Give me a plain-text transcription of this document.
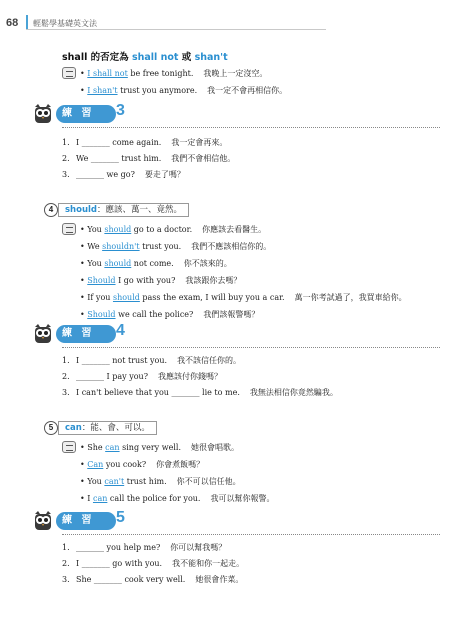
68 輕鬆學基礎英文法
shall 的否定為 shall not 或 shan't
• I shall not be free tonight. 我晚上一定沒空。
• I shan't trust you anymore. 我一定不會再相信你。
練 習	3
1. I _______ come again. 我一定會再來。
2. We _______ trust him. 我們不會相信他。
3. _______ we go? 要走了嗎？
4	should：應該、萬一、竟然。
• You should go to a doctor. 你應該去看醫生。
• We shouldn't trust you. 我們不應該相信你的。
• You should not come. 你不該來的。
• Should I go with you? 我該跟你去嗎？
• If you should pass the exam, I will buy you a car. 萬一你考試過了，我買車給你。
• Should we call the police? 我們該報警嗎？
練 習	4
1. I _______ not trust you. 我不該信任你的。
2. _______ I pay you? 我應該付你錢嗎？
3. I can't believe that you _______ lie to me. 我無法相信你竟然騙我。
5	can：能、會、可以。
• She can sing very well. 她很會唱歌。
• Can you cook? 你會煮飯嗎？
• You can't trust him. 你不可以信任他。
• I can call the police for you. 我可以幫你報警。
練 習	5
1. _______ you help me? 你可以幫我嗎？
2. I _______ go with you. 我不能和你一起走。
3. She _______ cook very well. 她很會作菜。
